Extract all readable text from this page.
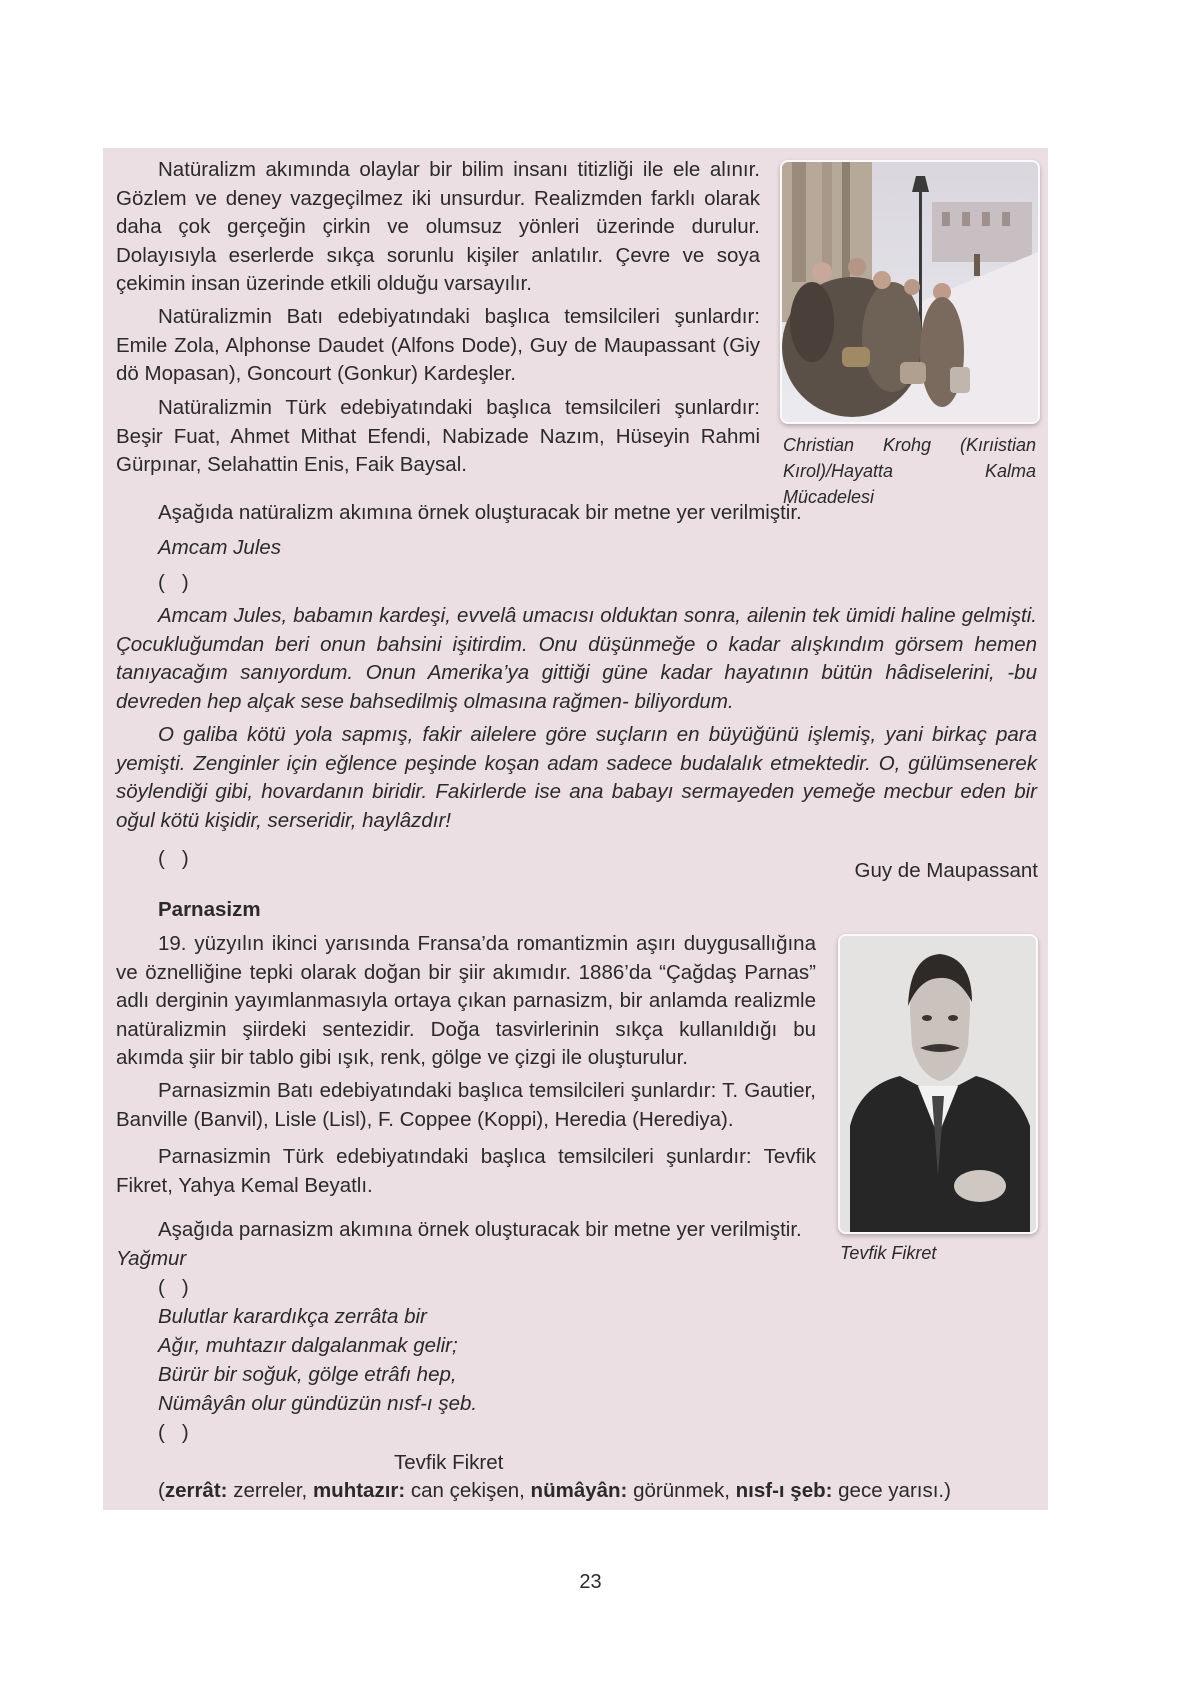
Natüralizm akımında olaylar bir bilim insanı titizliği ile ele alınır. Gözlem ve deney vazgeçilmez iki unsurdur. Realizmden farklı olarak daha çok gerçeğin çirkin ve olumsuz yönleri üzerinde durulur. Dolayısıyla eserlerde sıkça sorunlu kişiler anlatılır. Çevre ve soya çekimin insan üzerinde etkili olduğu varsayılır.

Natüralizmin Batı edebiyatındaki başlıca temsilcileri şunlardır: Emile Zola, Alphonse Daudet (Alfons Dode), Guy de Maupassant (Giy dö Mopasan), Goncourt (Gonkur) Kardeşler.

Natüralizmin Türk edebiyatındaki başlıca temsilcileri şunlardır: Beşir Fuat, Ahmet Mithat Efendi, Nabizade Nazım, Hüseyin Rahmi Gürpınar, Selahattin Enis, Faik Baysal.

Christian Krohg (Kırıistian Kırol)/Hayatta Kalma Mücadelesi

Aşağıda natüralizm akımına örnek oluşturacak bir metne yer verilmiştir.

Amcam Jules

(   )

Amcam Jules, babamın kardeşi, evvelâ umacısı olduktan sonra, ailenin tek ümidi haline gelmişti. Çocukluğumdan beri onun bahsini işitirdim. Onu düşünmeğe o kadar alışkındım görsem hemen tanıyacağım sanıyordum. Onun Amerika’ya gittiği güne kadar hayatının bütün hâdiselerini, -bu devreden hep alçak sese bahsedilmiş olmasına rağmen- biliyordum.

O galiba kötü yola sapmış, fakir ailelere göre suçların en büyüğünü işlemiş, yani birkaç para yemişti. Zenginler için eğlence peşinde koşan adam sadece budalalık etmektedir. O, gülümsenerek söylendiği gibi, hovardanın biridir. Fakirlerde ise ana babayı sermayeden yemeğe mecbur eden bir oğul kötü kişidir, serseridir, haylâzdır!

(   )

Guy de Maupassant

Parnasizm

19. yüzyılın ikinci yarısında Fransa’da romantizmin aşırı duygusallığına ve öznelliğine tepki olarak doğan bir şiir akımıdır. 1886’da “Çağdaş Parnas” adlı derginin yayımlanmasıyla ortaya çıkan parnasizm, bir anlamda realizmle natüralizmin şiirdeki sentezidir. Doğa tasvirlerinin sıkça kullanıldığı bu akımda şiir bir tablo gibi ışık, renk, gölge ve çizgi ile oluşturulur.

Parnasizmin Batı edebiyatındaki başlıca temsilcileri şunlardır: T. Gautier, Banville (Banvil), Lisle (Lisl), F. Coppee (Koppi), Heredia (Herediya).

Parnasizmin Türk edebiyatındaki başlıca temsilcileri şunlardır: Tevfik Fikret, Yahya Kemal Beyatlı.

Tevfik Fikret

Aşağıda parnasizm akımına örnek oluşturacak bir metne yer verilmiştir.

Yağmur

(   )

Bulutlar karardıkça zerrâta bir

Ağır, muhtazır dalgalanmak gelir;

Bürür bir soğuk, gölge etrâfı hep,

Nümâyân olur gündüzün nısf-ı şeb.

(   )

Tevfik Fikret

(zerrât: zerreler, muhtazır: can çekişen, nümâyân: görünmek, nısf-ı şeb: gece yarısı.)

23
